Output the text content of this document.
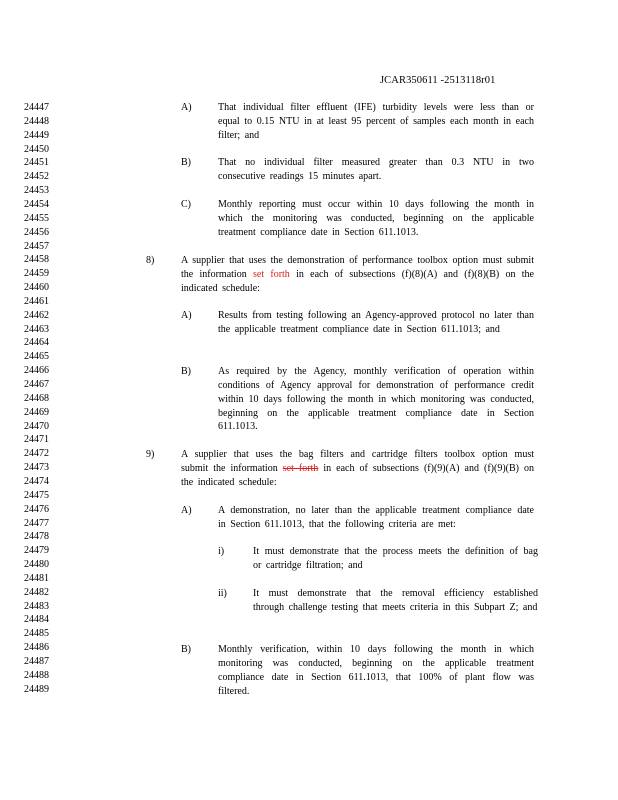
JCAR350611 -2513118r01
24447
24448
24449
24450
24451
24452
24453
24454
24455
24456
24457
24458
24459
24460
24461
24462
24463
24464
24465
24466
24467
24468
24469
24470
24471
24472
24473
24474
24475
24476
24477
24478
24479
24480
24481
24482
24483
24484
24485
24486
24487
24488
24489
A)	That individual filter effluent (IFE) turbidity levels were less than or equal to 0.15 NTU in at least 95 percent of samples each month in each filter; and
B)	That no individual filter measured greater than 0.3 NTU in two consecutive readings 15 minutes apart.
C)	Monthly reporting must occur within 10 days following the month in which the monitoring was conducted, beginning on the applicable treatment compliance date in Section 611.1013.
8)	A supplier that uses the demonstration of performance toolbox option must submit the information set forth in each of subsections (f)(8)(A) and (f)(8)(B) on the indicated schedule:
A)	Results from testing following an Agency-approved protocol no later than the applicable treatment compliance date in Section 611.1013; and
B)	As required by the Agency, monthly verification of operation within conditions of Agency approval for demonstration of performance credit within 10 days following the month in which monitoring was conducted, beginning on the applicable treatment compliance date in Section 611.1013.
9)	A supplier that uses the bag filters and cartridge filters toolbox option must submit the information set forth in each of subsections (f)(9)(A) and (f)(9)(B) on the indicated schedule:
A)	A demonstration, no later than the applicable treatment compliance date in Section 611.1013, that the following criteria are met:
i)	It must demonstrate that the process meets the definition of bag or cartridge filtration; and
ii)	It must demonstrate that the removal efficiency established through challenge testing that meets criteria in this Subpart Z; and
B)	Monthly verification, within 10 days following the month in which monitoring was conducted, beginning on the applicable treatment compliance date in Section 611.1013, that 100% of plant flow was filtered.
